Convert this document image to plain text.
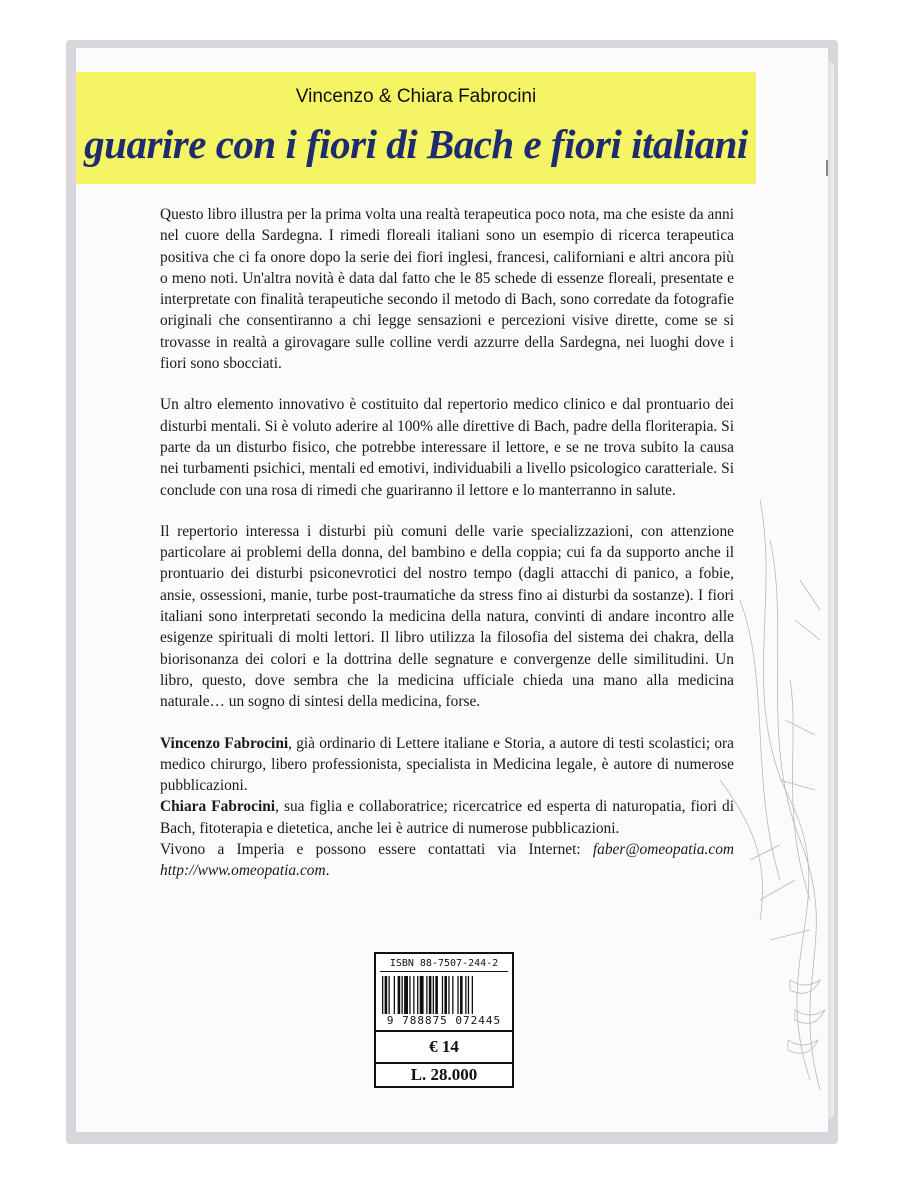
Vincenzo & Chiara Fabrocini
guarire con i fiori di Bach e fiori italiani

Questo libro illustra per la prima volta una realtà terapeutica poco nota, ma che esiste da anni nel cuore della Sardegna. I rimedi floreali italiani sono un esempio di ricerca terapeutica positiva che ci fa onore dopo la serie dei fiori inglesi, francesi, californiani e altri ancora più o meno noti. Un'altra novità è data dal fatto che le 85 schede di essenze floreali, presentate e interpretate con finalità terapeutiche secondo il metodo di Bach, sono corredate da fotografie originali che consentiranno a chi legge sensazioni e percezioni visive dirette, come se si trovasse in realtà a girovagare sulle colline verdi azzurre della Sardegna, nei luoghi dove i fiori sono sbocciati.

Un altro elemento innovativo è costituito dal repertorio medico clinico e dal prontuario dei disturbi mentali. Si è voluto aderire al 100% alle direttive di Bach, padre della floriterapia. Si parte da un disturbo fisico, che potrebbe interessare il lettore, e se ne trova subito la causa nei turbamenti psichici, mentali ed emotivi, individuabili a livello psicologico caratteriale. Si conclude con una rosa di rimedi che guariranno il lettore e lo manterranno in salute.

Il repertorio interessa i disturbi più comuni delle varie specializzazioni, con attenzione particolare ai problemi della donna, del bambino e della coppia; cui fa da supporto anche il prontuario dei disturbi psiconevrotici del nostro tempo (dagli attacchi di panico, a fobie, ansie, ossessioni, manie, turbe post-traumatiche da stress fino ai disturbi da sostanze). I fiori italiani sono interpretati secondo la medicina della natura, convinti di andare incontro alle esigenze spirituali di molti lettori. Il libro utilizza la filosofia del sistema dei chakra, della biorisonanza dei colori e la dottrina delle segnature e convergenze delle similitudini. Un libro, questo, dove sembra che la medicina ufficiale chieda una mano alla medicina naturale… un sogno di sintesi della medicina, forse.

Vincenzo Fabrocini, già ordinario di Lettere italiane e Storia, a autore di testi scolastici; ora medico chirurgo, libero professionista, specialista in Medicina legale, è autore di numerose pubblicazioni.

Chiara Fabrocini, sua figlia e collaboratrice; ricercatrice ed esperta di naturopatia, fiori di Bach, fitoterapia e dietetica, anche lei è autrice di numerose pubblicazioni.

Vivono a Imperia e possono essere contattati via Internet: faber@omeopatia.com http://www.omeopatia.com.

ISBN 88-7507-244-2
9 788875 072445
€ 14
L. 28.000
